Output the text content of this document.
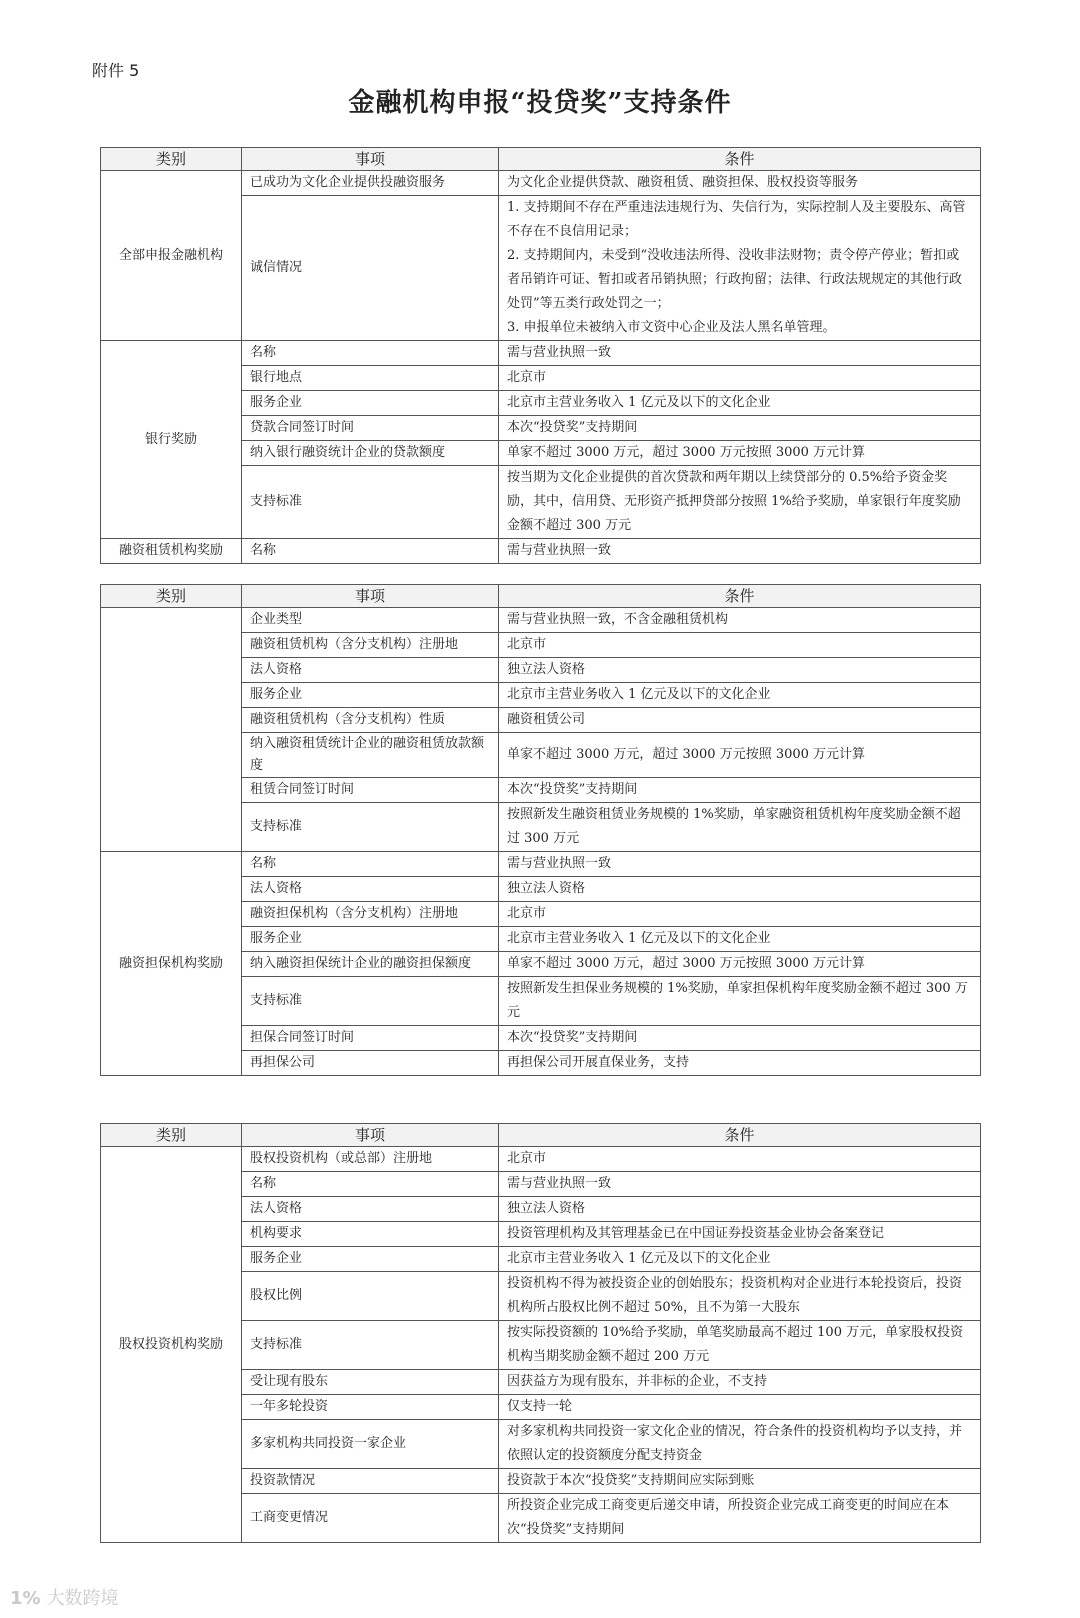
附件 5
金融机构申报“投贷奖”支持条件
类别	事项	条件
全部申报金融机构	已成功为文化企业提供投融资服务	为文化企业提供贷款、融资租赁、融资担保、股权投资等服务

	诚信情况	1. 支持期间不存在严重违法违规行为、失信行为，实际控制人及主要股东、高管不存在不良信用记录；
2. 支持期间内，未受到“没收违法所得、没收非法财物；责令停产停业；暂扣或者吊销许可证、暂扣或者吊销执照；行政拘留；法律、行政法规规定的其他行政处罚”等五类行政处罚之一；
3. 申报单位未被纳入市文资中心企业及法人黑名单管理。

银行奖励	名称	需与营业执照一致

	银行地点	北京市

	服务企业	北京市主营业务收入 1 亿元及以下的文化企业

	贷款合同签订时间	本次“投贷奖”支持期间

	纳入银行融资统计企业的贷款额度	单家不超过 3000 万元，超过 3000 万元按照 3000 万元计算

	支持标准	按当期为文化企业提供的首次贷款和两年期以上续贷部分的 0.5%给予资金奖励，其中，信用贷、无形资产抵押贷部分按照 1%给予奖励，单家银行年度奖励金额不超过 300 万元

融资租赁机构奖励	名称	需与营业执照一致
类别	事项	条件
	企业类型	需与营业执照一致，不含金融租赁机构

	融资租赁机构（含分支机构）注册地	北京市

	法人资格	独立法人资格

	服务企业	北京市主营业务收入 1 亿元及以下的文化企业

	融资租赁机构（含分支机构）性质	融资租赁公司

	纳入融资租赁统计企业的融资租赁放款额度	单家不超过 3000 万元，超过 3000 万元按照 3000 万元计算

	租赁合同签订时间	本次“投贷奖”支持期间

	支持标准	按照新发生融资租赁业务规模的 1%奖励，单家融资租赁机构年度奖励金额不超过 300 万元

融资担保机构奖励	名称	需与营业执照一致

	法人资格	独立法人资格

	融资担保机构（含分支机构）注册地	北京市

	服务企业	北京市主营业务收入 1 亿元及以下的文化企业

	纳入融资担保统计企业的融资担保额度	单家不超过 3000 万元，超过 3000 万元按照 3000 万元计算

	支持标准	按照新发生担保业务规模的 1%奖励，单家担保机构年度奖励金额不超过 300 万元

	担保合同签订时间	本次“投贷奖”支持期间

	再担保公司	再担保公司开展直保业务，支持
类别	事项	条件
股权投资机构奖励	股权投资机构（或总部）注册地	北京市

	名称	需与营业执照一致

	法人资格	独立法人资格

	机构要求	投资管理机构及其管理基金已在中国证券投资基金业协会备案登记

	服务企业	北京市主营业务收入 1 亿元及以下的文化企业

	股权比例	投资机构不得为被投资企业的创始股东；投资机构对企业进行本轮投资后，投资机构所占股权比例不超过 50%，且不为第一大股东

	支持标准	按实际投资额的 10%给予奖励，单笔奖励最高不超过 100 万元，单家股权投资机构当期奖励金额不超过 200 万元

	受让现有股东	因获益方为现有股东，并非标的企业，不支持

	一年多轮投资	仅支持一轮

	多家机构共同投资一家企业	对多家机构共同投资一家文化企业的情况，符合条件的投资机构均予以支持，并依照认定的投资额度分配支持资金

	投资款情况	投资款于本次“投贷奖”支持期间应实际到账

	工商变更情况	所投资企业完成工商变更后递交申请，所投资企业完成工商变更的时间应在本次“投贷奖”支持期间
1% 大数跨境
